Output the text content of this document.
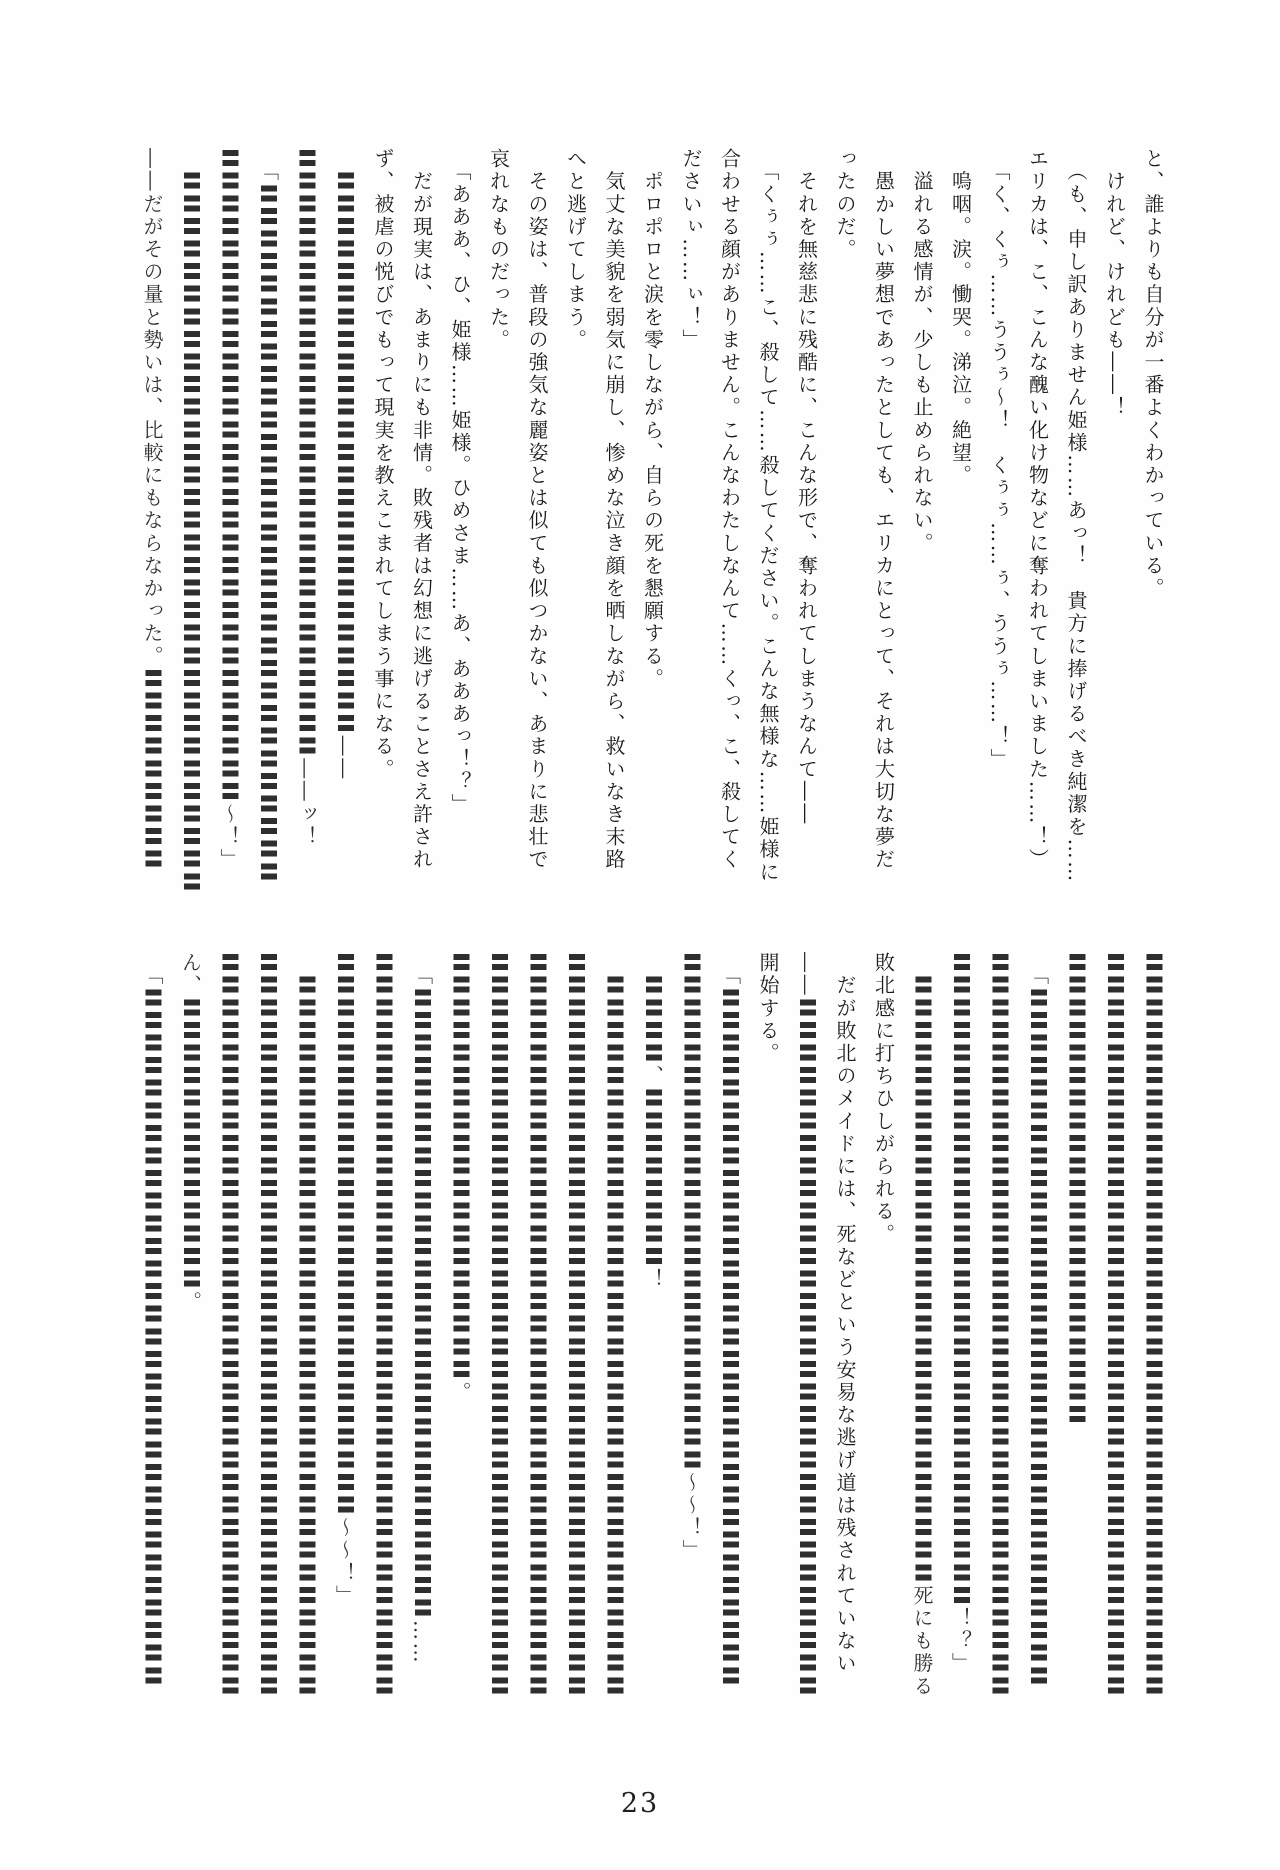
と、誰よりも自分が一番よくわかっている。
　けれど、けれども――！
　（も、申し訳ありません姫様……あっ！　貴方に捧げるべき純潔を……
エリカは、こ、こんな醜い化け物などに奪われてしまいました……！）
　「く、くぅ……ううぅ～！　くぅぅ……ぅ、ううぅ……！」
　嗚咽。涙。慟哭。涕泣。絶望。
　溢れる感情が、少しも止められない。
　愚かしい夢想であったとしても、エリカにとって、それは大切な夢だ
ったのだ。
　それを無慈悲に残酷に、こんな形で、奪われてしまうなんて――
　「くぅぅ……こ、殺して……殺してください。こんな無様な……姫様に
合わせる顔がありません。こんなわたしなんて……くっ、こ、殺してく
ださいぃ……ぃ！」
　ポロポロと涙を零しながら、自らの死を懇願する。
　気丈な美貌を弱気に崩し、惨めな泣き顔を晒しながら、救いなき末路
へと逃げてしまう。
　その姿は、普段の強気な麗姿とは似ても似つかない、あまりに悲壮で
哀れなものだった。
　「あああ、ひ、姫様……姫様。ひめさま……あ、あああっ！？」
　だが現実は、あまりにも非情。敗残者は幻想に逃げることさえ許され
ず、被虐の悦びでもって現実を教えこまれてしまう事になる。
　〓〓〓〓〓〓〓〓〓〓〓〓〓〓〓〓〓〓〓〓〓〓〓〓〓――
〓〓〓〓〓〓〓〓〓〓〓〓〓〓〓〓〓〓〓〓〓〓〓〓〓〓〓――ッ！
　「〓〓〓〓〓〓〓〓〓〓〓〓〓〓〓〓〓〓〓〓〓〓〓〓〓〓〓〓〓〓〓
〓〓〓〓〓〓〓〓〓〓〓〓〓〓〓〓〓〓〓〓〓〓〓〓〓〓〓〓〓～！」
　〓〓〓〓〓〓〓〓〓〓〓〓〓〓〓〓〓〓〓〓〓〓〓〓〓〓〓〓〓〓〓〓
――だがその量と勢いは、比較にもならなかった。〓〓〓〓〓〓〓〓〓
〓〓〓〓〓〓〓〓〓〓〓〓〓〓〓〓〓〓〓〓〓〓〓〓〓〓〓〓〓〓〓〓〓
〓〓〓〓〓〓〓〓〓〓〓〓〓〓〓〓〓〓〓〓〓〓〓〓〓〓〓〓〓〓〓〓〓
〓〓〓〓〓〓〓〓〓〓〓〓〓〓〓〓〓〓〓〓〓
　「〓〓〓〓〓〓〓〓〓〓〓〓〓〓〓〓〓〓〓〓〓〓〓〓〓〓〓〓〓〓〓
〓〓〓〓〓〓〓〓〓〓〓〓〓〓〓〓〓〓〓〓〓〓〓〓〓〓〓〓〓〓〓〓〓
〓〓〓〓〓〓〓〓〓〓〓〓〓〓〓〓〓〓〓〓〓〓〓〓〓〓〓〓〓！？」
　〓〓〓〓〓〓〓〓〓〓〓〓〓〓〓〓〓〓〓〓〓〓〓〓〓〓〓死にも勝る
敗北感に打ちひしがられる。
　だが敗北のメイドには、死などという安易な逃げ道は残されていない
――〓〓〓〓〓〓〓〓〓〓〓〓〓〓〓〓〓〓〓〓〓〓〓〓〓〓〓〓〓〓〓
開始する。
　「〓〓〓〓〓〓〓〓〓〓〓〓〓〓〓〓〓〓〓〓〓〓〓〓〓〓〓〓〓〓〓
〓〓〓〓〓〓〓〓〓〓〓〓〓〓〓〓〓〓〓〓〓〓〓～～！」
　〓〓〓〓、〓〓〓〓〓〓〓〓！
　〓〓〓〓〓〓〓〓〓〓〓〓〓〓〓〓〓〓〓〓〓〓〓〓〓〓〓〓〓〓〓〓
〓〓〓〓〓〓〓〓〓〓〓〓〓〓〓〓〓〓〓〓〓〓〓〓〓〓〓〓〓〓〓〓〓
〓〓〓〓〓〓〓〓〓〓〓〓〓〓〓〓〓〓〓〓〓〓〓〓〓〓〓〓〓〓〓〓〓
〓〓〓〓〓〓〓〓〓〓〓〓〓〓〓〓〓〓〓〓〓〓〓〓〓〓〓〓〓〓〓〓〓
〓〓〓〓〓〓〓〓〓〓〓〓〓〓〓〓〓〓〓。
　「〓〓〓〓〓〓〓〓〓〓〓〓〓〓〓〓〓〓〓〓〓〓〓〓〓〓〓〓……
〓〓〓〓〓〓〓〓〓〓〓〓〓〓〓〓〓〓〓〓〓〓〓〓〓〓〓〓〓〓〓〓〓
〓〓〓〓〓〓〓〓〓〓〓〓〓〓〓〓〓〓〓〓〓〓〓〓〓～～！」
　〓〓〓〓〓〓〓〓〓〓〓〓〓〓〓〓〓〓〓〓〓〓〓〓〓〓〓〓〓〓〓〓
〓〓〓〓〓〓〓〓〓〓〓〓〓〓〓〓〓〓〓〓〓〓〓〓〓〓〓〓〓〓〓〓〓
〓〓〓〓〓〓〓〓〓〓〓〓〓〓〓〓〓〓〓〓〓〓〓〓〓〓〓〓〓〓〓〓〓
ん、〓〓〓〓〓〓〓〓〓〓〓〓〓。
　「〓〓〓〓〓〓〓〓〓〓〓〓〓〓〓〓〓〓〓〓〓〓〓〓〓〓〓〓〓〓〓
23
